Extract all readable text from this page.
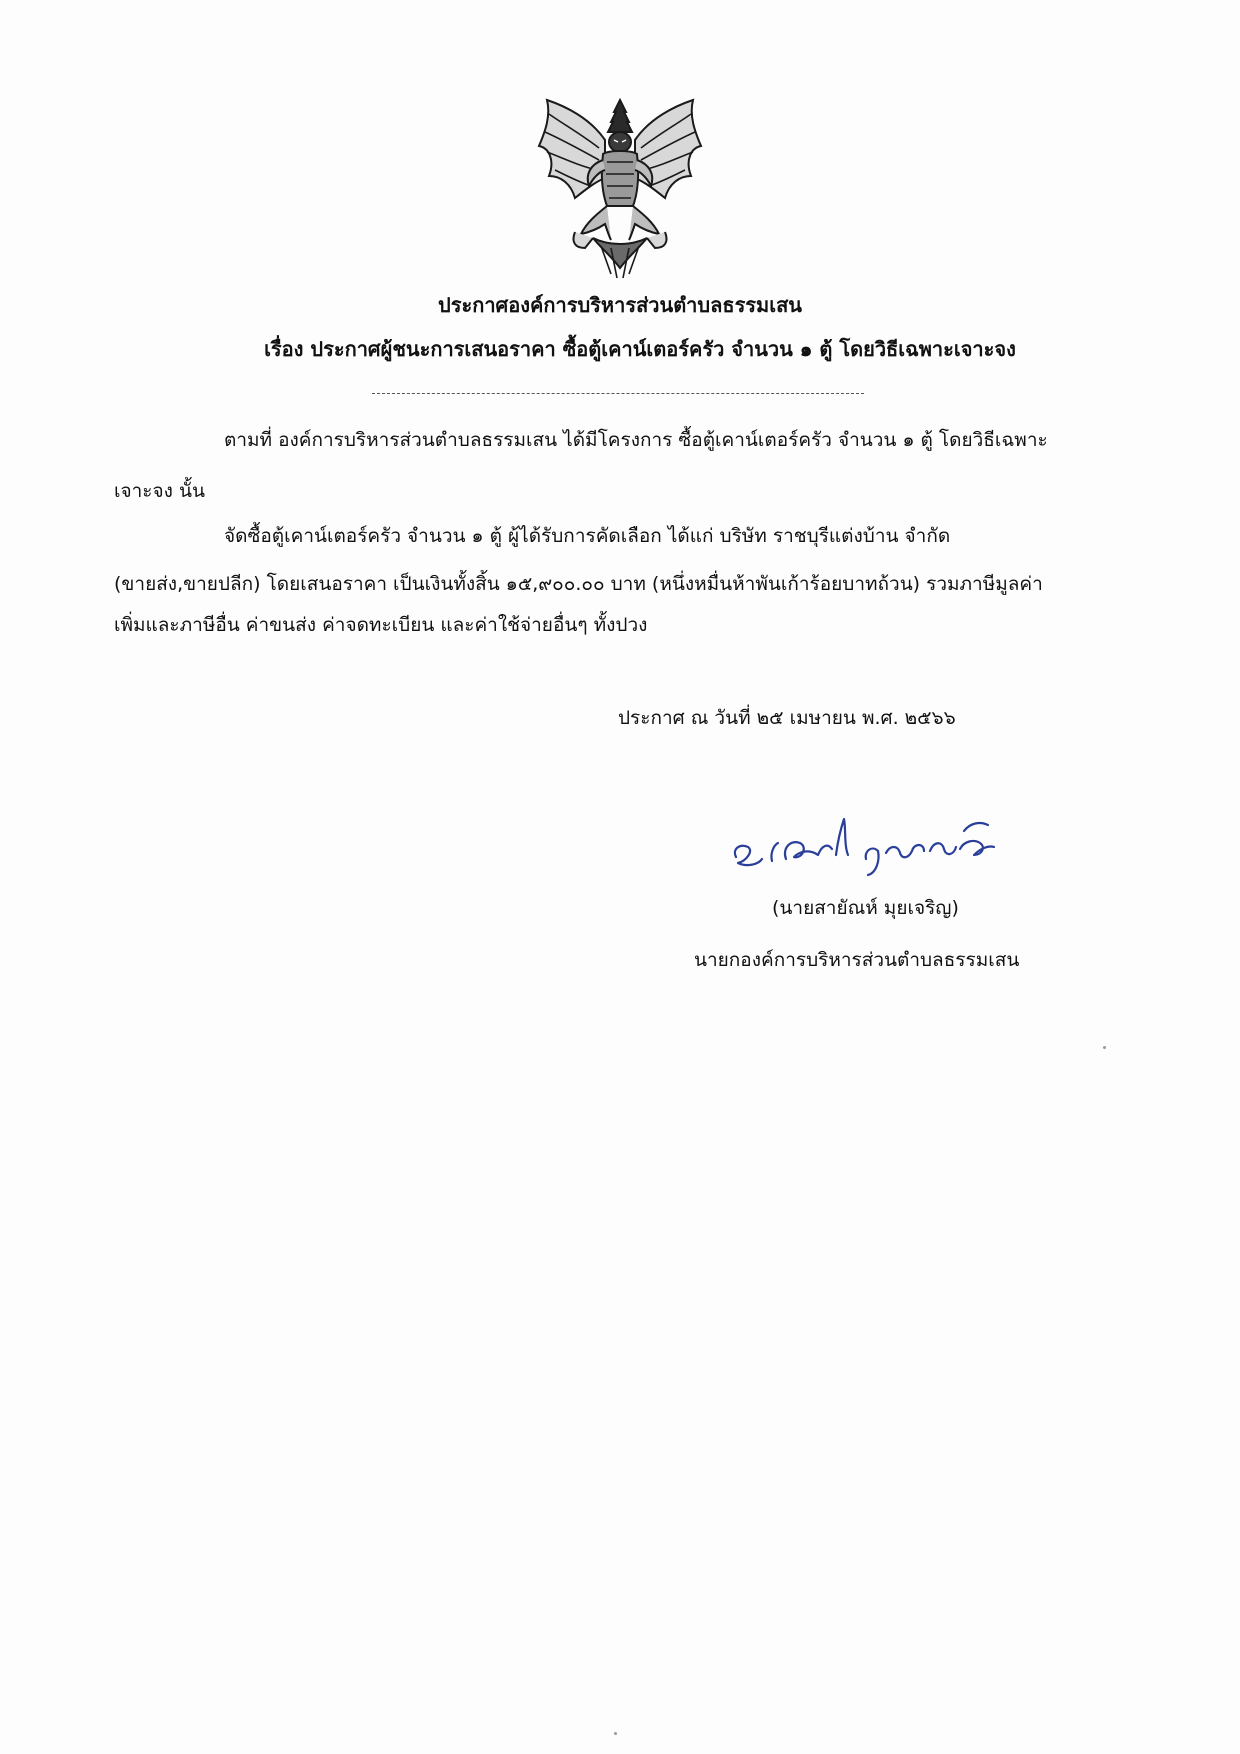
ประกาศองค์การบริหารส่วนตำบลธรรมเสน
เรื่อง ประกาศผู้ชนะการเสนอราคา ซื้อตู้เคาน์เตอร์ครัว จำนวน ๑ ตู้ โดยวิธีเฉพาะเจาะจง
ตามที่ องค์การบริหารส่วนตำบลธรรมเสน ได้มีโครงการ ซื้อตู้เคาน์เตอร์ครัว จำนวน ๑ ตู้ โดยวิธีเฉพาะ
เจาะจง นั้น
จัดซื้อตู้เคาน์เตอร์ครัว จำนวน ๑ ตู้ ผู้ได้รับการคัดเลือก ได้แก่ บริษัท ราชบุรีแต่งบ้าน จำกัด
(ขายส่ง,ขายปลีก) โดยเสนอราคา เป็นเงินทั้งสิ้น ๑๕,๙๐๐.๐๐ บาท (หนึ่งหมื่นห้าพันเก้าร้อยบาทถ้วน) รวมภาษีมูลค่า
เพิ่มและภาษีอื่น ค่าขนส่ง ค่าจดทะเบียน และค่าใช้จ่ายอื่นๆ ทั้งปวง
ประกาศ ณ วันที่ ๒๕ เมษายน พ.ศ. ๒๕๖๖
(นายสายัณห์ มุยเจริญ)
นายกองค์การบริหารส่วนตำบลธรรมเสน
